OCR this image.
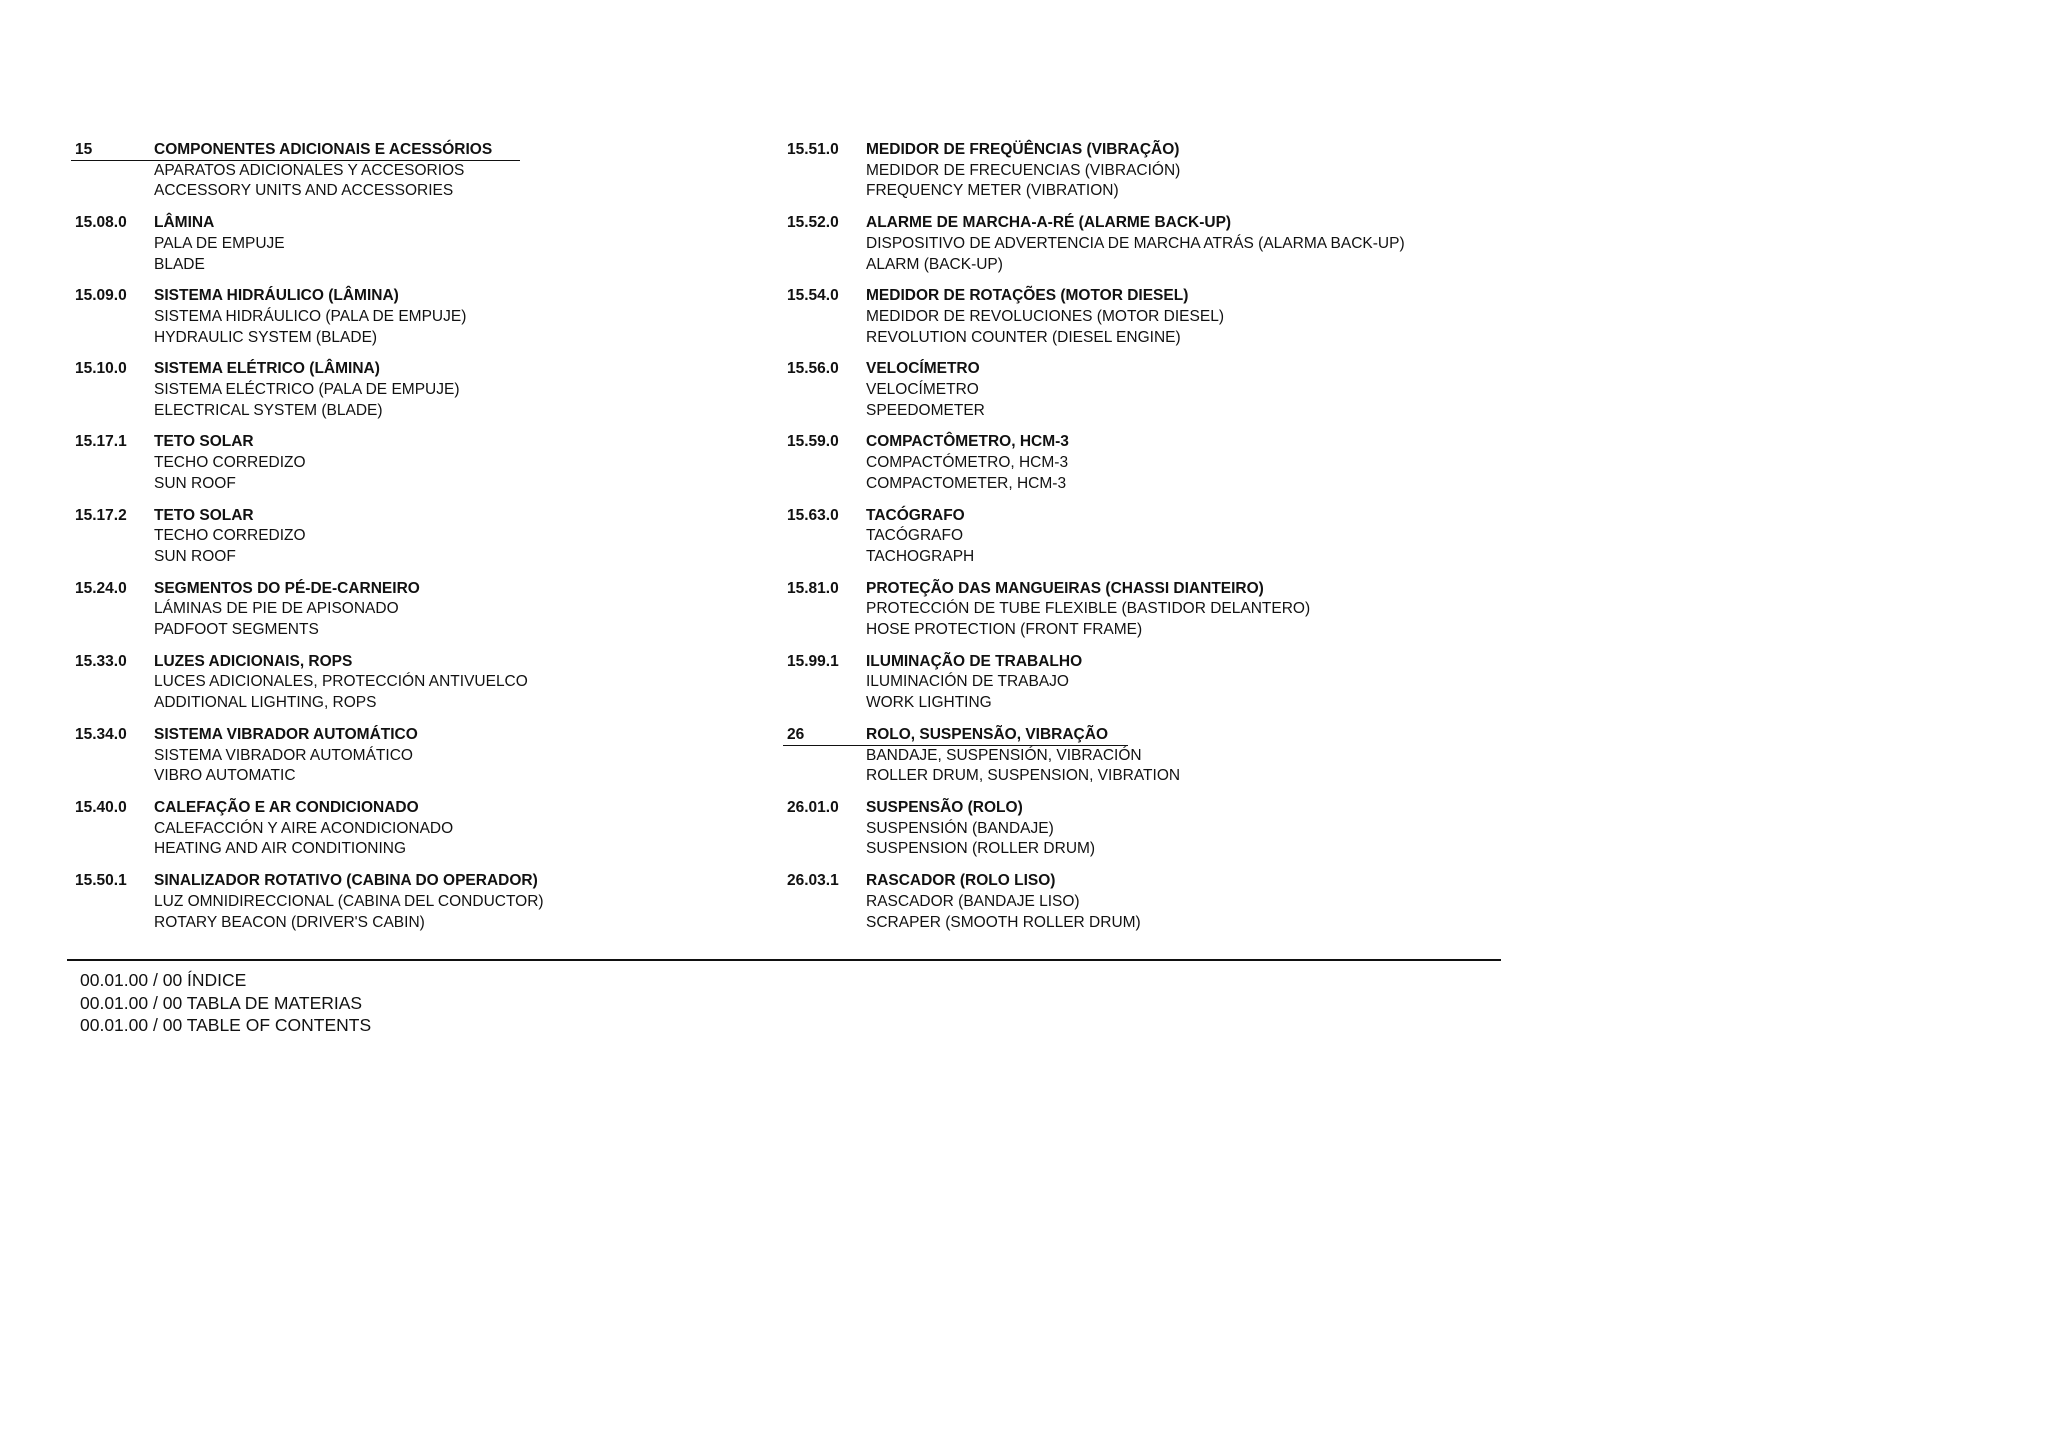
15	COMPONENTES ADICIONAIS E ACESSÓRIOS
APARATOS ADICIONALES Y ACCESORIOS
ACCESSORY UNITS AND ACCESSORIES
15.08.0	LÂMINA
PALA DE EMPUJE
BLADE
15.09.0	SISTEMA HIDRÁULICO (LÂMINA)
SISTEMA HIDRÁULICO (PALA DE EMPUJE)
HYDRAULIC SYSTEM (BLADE)
15.10.0	SISTEMA ELÉTRICO (LÂMINA)
SISTEMA ELÉCTRICO (PALA DE EMPUJE)
ELECTRICAL SYSTEM (BLADE)
15.17.1	TETO SOLAR
TECHO CORREDIZO
SUN ROOF
15.17.2	TETO SOLAR
TECHO CORREDIZO
SUN ROOF
15.24.0	SEGMENTOS DO PÉ-DE-CARNEIRO
LÁMINAS DE PIE DE APISONADO
PADFOOT SEGMENTS
15.33.0	LUZES ADICIONAIS, ROPS
LUCES ADICIONALES, PROTECCIÓN ANTIVUELCO
ADDITIONAL LIGHTING, ROPS
15.34.0	SISTEMA VIBRADOR AUTOMÁTICO
SISTEMA VIBRADOR AUTOMÁTICO
VIBRO AUTOMATIC
15.40.0	CALEFAÇÃO E AR CONDICIONADO
CALEFACCIÓN Y AIRE ACONDICIONADO
HEATING AND AIR CONDITIONING
15.50.1	SINALIZADOR ROTATIVO (CABINA DO OPERADOR)
LUZ OMNIDIRECCIONAL (CABINA DEL CONDUCTOR)
ROTARY BEACON (DRIVER'S CABIN)
15.51.0	MEDIDOR DE FREQÜÊNCIAS (VIBRAÇÃO)
MEDIDOR DE FRECUENCIAS (VIBRACIÓN)
FREQUENCY METER (VIBRATION)
15.52.0	ALARME DE MARCHA-A-RÉ (ALARME BACK-UP)
DISPOSITIVO DE ADVERTENCIA DE MARCHA ATRÁS (ALARMA BACK-UP)
ALARM (BACK-UP)
15.54.0	MEDIDOR DE ROTAÇÕES (MOTOR DIESEL)
MEDIDOR DE REVOLUCIONES (MOTOR DIESEL)
REVOLUTION COUNTER (DIESEL ENGINE)
15.56.0	VELOCÍMETRO
VELOCÍMETRO
SPEEDOMETER
15.59.0	COMPACTÔMETRO, HCM-3
COMPACTÓMETRO, HCM-3
COMPACTOMETER, HCM-3
15.63.0	TACÓGRAFO
TACÓGRAFO
TACHOGRAPH
15.81.0	PROTEÇÃO DAS MANGUEIRAS (CHASSI DIANTEIRO)
PROTECCIÓN DE TUBE FLEXIBLE (BASTIDOR DELANTERO)
HOSE PROTECTION (FRONT FRAME)
15.99.1	ILUMINAÇÃO DE TRABALHO
ILUMINACIÓN DE TRABAJO
WORK LIGHTING
26	ROLO, SUSPENSÃO, VIBRAÇÃO
BANDAJE, SUSPENSIÓN, VIBRACIÓN
ROLLER DRUM, SUSPENSION, VIBRATION
26.01.0	SUSPENSÃO (ROLO)
SUSPENSIÓN (BANDAJE)
SUSPENSION (ROLLER DRUM)
26.03.1	RASCADOR (ROLO LISO)
RASCADOR (BANDAJE LISO)
SCRAPER (SMOOTH ROLLER DRUM)
00.01.00 / 00 ÍNDICE
00.01.00 / 00 TABLA DE MATERIAS
00.01.00 / 00 TABLE OF CONTENTS
